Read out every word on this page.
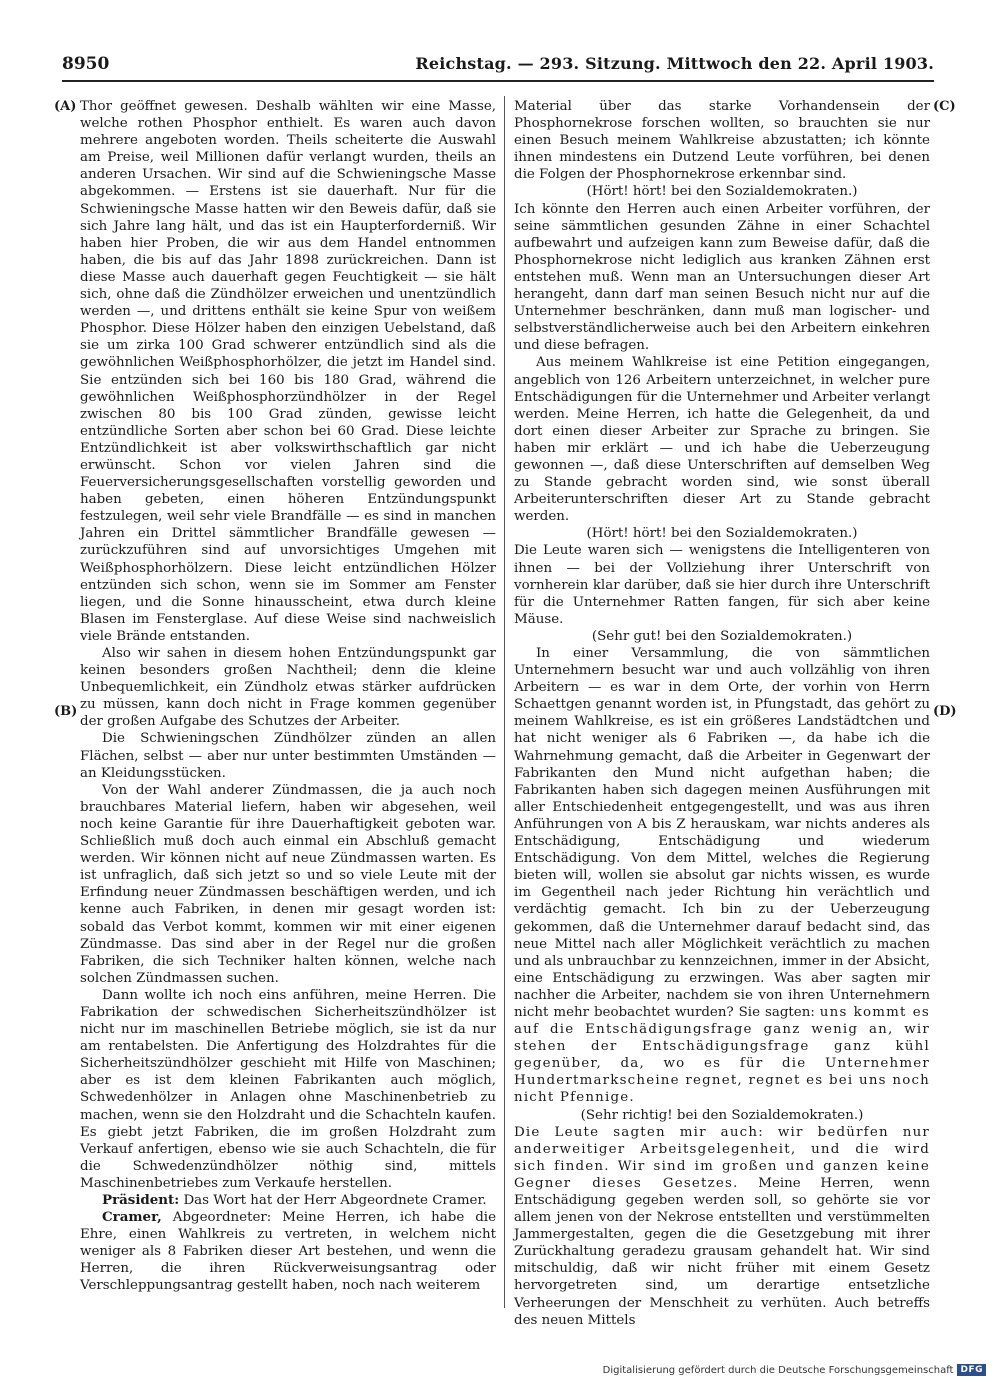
8950	Reichstag. — 293. Sitzung. Mittwoch den 22. April 1903.
(A)
(B)
(C)
(D)

Thor geöffnet gewesen. Deshalb wählten wir eine Masse, welche rothen Phosphor enthielt. Es waren auch davon mehrere angeboten worden. Theils scheiterte die Auswahl am Preise, weil Millionen dafür verlangt wurden, theils an anderen Ursachen. Wir sind auf die Schwieningsche Masse abgekommen. — Erstens ist sie dauerhaft. Nur für die Schwieningsche Masse hatten wir den Beweis dafür, daß sie sich Jahre lang hält, und das ist ein Haupterforderniß. Wir haben hier Proben, die wir aus dem Handel entnommen haben, die bis auf das Jahr 1898 zurückreichen. Dann ist diese Masse auch dauerhaft gegen Feuchtigkeit — sie hält sich, ohne daß die Zündhölzer erweichen und unentzündlich werden —, und drittens enthält sie keine Spur von weißem Phosphor. Diese Hölzer haben den einzigen Uebelstand, daß sie um zirka 100 Grad schwerer entzündlich sind als die gewöhnlichen Weißphosphorhölzer, die jetzt im Handel sind. Sie entzünden sich bei 160 bis 180 Grad, während die gewöhnlichen Weißphosphorzündhölzer in der Regel zwischen 80 bis 100 Grad zünden, gewisse leicht entzündliche Sorten aber schon bei 60 Grad. Diese leichte Entzündlichkeit ist aber volkswirthschaftlich gar nicht erwünscht. Schon vor vielen Jahren sind die Feuerversicherungsgesellschaften vorstellig geworden und haben gebeten, einen höheren Entzündungspunkt festzulegen, weil sehr viele Brandfälle — es sind in manchen Jahren ein Drittel sämmtlicher Brandfälle gewesen — zurückzuführen sind auf unvorsichtiges Umgehen mit Weißphosphorhölzern. Diese leicht entzündlichen Hölzer entzünden sich schon, wenn sie im Sommer am Fenster liegen, und die Sonne hinausscheint, etwa durch kleine Blasen im Fensterglase. Auf diese Weise sind nachweislich viele Brände entstanden.

Also wir sahen in diesem hohen Entzündungspunkt gar keinen besonders großen Nachtheil; denn die kleine Unbequemlichkeit, ein Zündholz etwas stärker aufdrücken zu müssen, kann doch nicht in Frage kommen gegenüber der großen Aufgabe des Schutzes der Arbeiter.

Die Schwieningschen Zündhölzer zünden an allen Flächen, selbst — aber nur unter bestimmten Umständen — an Kleidungsstücken.

Von der Wahl anderer Zündmassen, die ja auch noch brauchbares Material liefern, haben wir abgesehen, weil noch keine Garantie für ihre Dauerhaftigkeit geboten war. Schließlich muß doch auch einmal ein Abschluß gemacht werden. Wir können nicht auf neue Zündmassen warten. Es ist unfraglich, daß sich jetzt so und so viele Leute mit der Erfindung neuer Zündmassen beschäftigen werden, und ich kenne auch Fabriken, in denen mir gesagt worden ist: sobald das Verbot kommt, kommen wir mit einer eigenen Zündmasse. Das sind aber in der Regel nur die großen Fabriken, die sich Techniker halten können, welche nach solchen Zündmassen suchen.

Dann wollte ich noch eins anführen, meine Herren. Die Fabrikation der schwedischen Sicherheitszündhölzer ist nicht nur im maschinellen Betriebe möglich, sie ist da nur am rentabelsten. Die Anfertigung des Holzdrahtes für die Sicherheitszündhölzer geschieht mit Hilfe von Maschinen; aber es ist dem kleinen Fabrikanten auch möglich, Schwedenhölzer in Anlagen ohne Maschinenbetrieb zu machen, wenn sie den Holzdraht und die Schachteln kaufen. Es giebt jetzt Fabriken, die im großen Holzdraht zum Verkauf anfertigen, ebenso wie sie auch Schachteln, die für die Schwedenzündhölzer nöthig sind, mittels Maschinenbetriebes zum Verkaufe herstellen.

Präsident: Das Wort hat der Herr Abgeordnete Cramer.

Cramer, Abgeordneter: Meine Herren, ich habe die Ehre, einen Wahlkreis zu vertreten, in welchem nicht weniger als 8 Fabriken dieser Art bestehen, und wenn die Herren, die ihren Rückverweisungsantrag oder Verschleppungsantrag gestellt haben, noch nach weiterem

Material über das starke Vorhandensein der Phosphornekrose forschen wollten, so brauchten sie nur einen Besuch meinem Wahlkreise abzustatten; ich könnte ihnen mindestens ein Dutzend Leute vorführen, bei denen die Folgen der Phosphornekrose erkennbar sind.

(Hört! hört! bei den Sozialdemokraten.)

Ich könnte den Herren auch einen Arbeiter vorführen, der seine sämmtlichen gesunden Zähne in einer Schachtel aufbewahrt und aufzeigen kann zum Beweise dafür, daß die Phosphornekrose nicht lediglich aus kranken Zähnen erst entstehen muß. Wenn man an Untersuchungen dieser Art herangeht, dann darf man seinen Besuch nicht nur auf die Unternehmer beschränken, dann muß man logischer- und selbstverständlicherweise auch bei den Arbeitern einkehren und diese befragen.

Aus meinem Wahlkreise ist eine Petition eingegangen, angeblich von 126 Arbeitern unterzeichnet, in welcher pure Entschädigungen für die Unternehmer und Arbeiter verlangt werden. Meine Herren, ich hatte die Gelegenheit, da und dort einen dieser Arbeiter zur Sprache zu bringen. Sie haben mir erklärt — und ich habe die Ueberzeugung gewonnen —, daß diese Unterschriften auf demselben Weg zu Stande gebracht worden sind, wie sonst überall Arbeiterunterschriften dieser Art zu Stande gebracht werden.

(Hört! hört! bei den Sozialdemokraten.)

Die Leute waren sich — wenigstens die Intelligenteren von ihnen — bei der Vollziehung ihrer Unterschrift von vornherein klar darüber, daß sie hier durch ihre Unterschrift für die Unternehmer Ratten fangen, für sich aber keine Mäuse.

(Sehr gut! bei den Sozialdemokraten.)

In einer Versammlung, die von sämmtlichen Unternehmern besucht war und auch vollzählig von ihren Arbeitern — es war in dem Orte, der vorhin von Herrn Schaettgen genannt worden ist, in Pfungstadt, das gehört zu meinem Wahlkreise, es ist ein größeres Landstädtchen und hat nicht weniger als 6 Fabriken —, da habe ich die Wahrnehmung gemacht, daß die Arbeiter in Gegenwart der Fabrikanten den Mund nicht aufgethan haben; die Fabrikanten haben sich dagegen meinen Ausführungen mit aller Entschiedenheit entgegengestellt, und was aus ihren Anführungen von A bis Z herauskam, war nichts anderes als Entschädigung, Entschädigung und wiederum Entschädigung. Von dem Mittel, welches die Regierung bieten will, wollen sie absolut gar nichts wissen, es wurde im Gegentheil nach jeder Richtung hin verächtlich und verdächtig gemacht. Ich bin zu der Ueberzeugung gekommen, daß die Unternehmer darauf bedacht sind, das neue Mittel nach aller Möglichkeit verächtlich zu machen und als unbrauchbar zu kennzeichnen, immer in der Absicht, eine Entschädigung zu erzwingen. Was aber sagten mir nachher die Arbeiter, nachdem sie von ihren Unternehmern nicht mehr beobachtet wurden? Sie sagten: uns kommt es auf die Entschädigungsfrage ganz wenig an, wir stehen der Entschädigungsfrage ganz kühl gegenüber, da, wo es für die Unternehmer Hundertmarkscheine regnet, regnet es bei uns noch nicht Pfennige.

(Sehr richtig! bei den Sozialdemokraten.)

Die Leute sagten mir auch: wir bedürfen nur anderweitiger Arbeitsgelegenheit, und die wird sich finden. Wir sind im großen und ganzen keine Gegner dieses Gesetzes. Meine Herren, wenn Entschädigung gegeben werden soll, so gehörte sie vor allem jenen von der Nekrose entstellten und verstümmelten Jammergestalten, gegen die die Gesetzgebung mit ihrer Zurückhaltung geradezu grausam gehandelt hat. Wir sind mitschuldig, daß wir nicht früher mit einem Gesetz hervorgetreten sind, um derartige entsetzliche Verheerungen der Menschheit zu verhüten. Auch betreffs des neuen Mittels

Digitalisierung gefördert durch die Deutsche Forschungsgemeinschaft DFG
